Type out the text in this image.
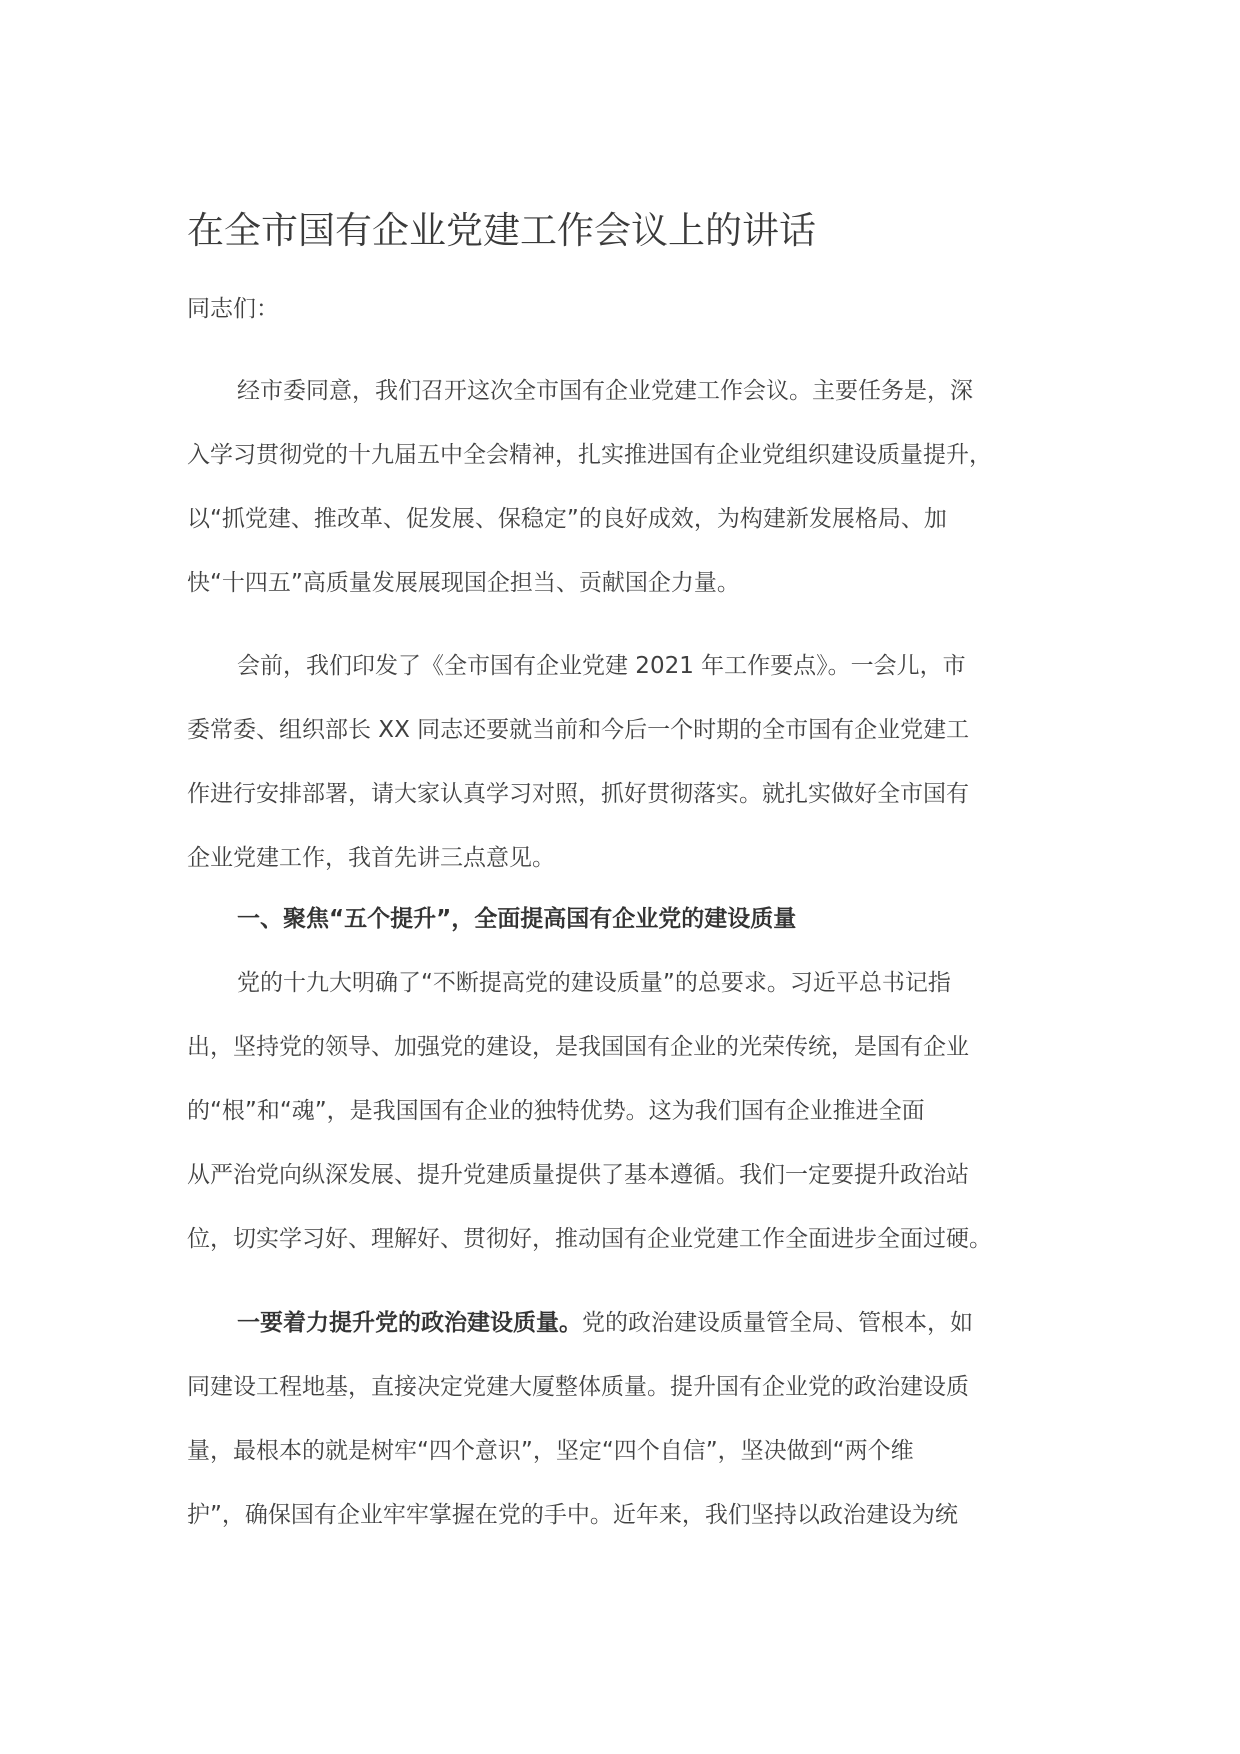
在全市国有企业党建工作会议上的讲话
同志们：
经市委同意，我们召开这次全市国有企业党建工作会议。主要任务是，深
入学习贯彻党的十九届五中全会精神，扎实推进国有企业党组织建设质量提升，
以“抓党建、推改革、促发展、保稳定”的良好成效，为构建新发展格局、加
快“十四五”高质量发展展现国企担当、贡献国企力量。
会前，我们印发了《全市国有企业党建 2021 年工作要点》。一会儿，市
委常委、组织部长 XX 同志还要就当前和今后一个时期的全市国有企业党建工
作进行安排部署，请大家认真学习对照，抓好贯彻落实。就扎实做好全市国有
企业党建工作，我首先讲三点意见。
一、聚焦“五个提升”，全面提高国有企业党的建设质量
党的十九大明确了“不断提高党的建设质量”的总要求。习近平总书记指
出，坚持党的领导、加强党的建设，是我国国有企业的光荣传统，是国有企业
的“根”和“魂”，是我国国有企业的独特优势。这为我们国有企业推进全面
从严治党向纵深发展、提升党建质量提供了基本遵循。我们一定要提升政治站
位，切实学习好、理解好、贯彻好，推动国有企业党建工作全面进步全面过硬。
一要着力提升党的政治建设质量。党的政治建设质量管全局、管根本，如
同建设工程地基，直接决定党建大厦整体质量。提升国有企业党的政治建设质
量，最根本的就是树牢“四个意识”，坚定“四个自信”，坚决做到“两个维
护”，确保国有企业牢牢掌握在党的手中。近年来，我们坚持以政治建设为统
